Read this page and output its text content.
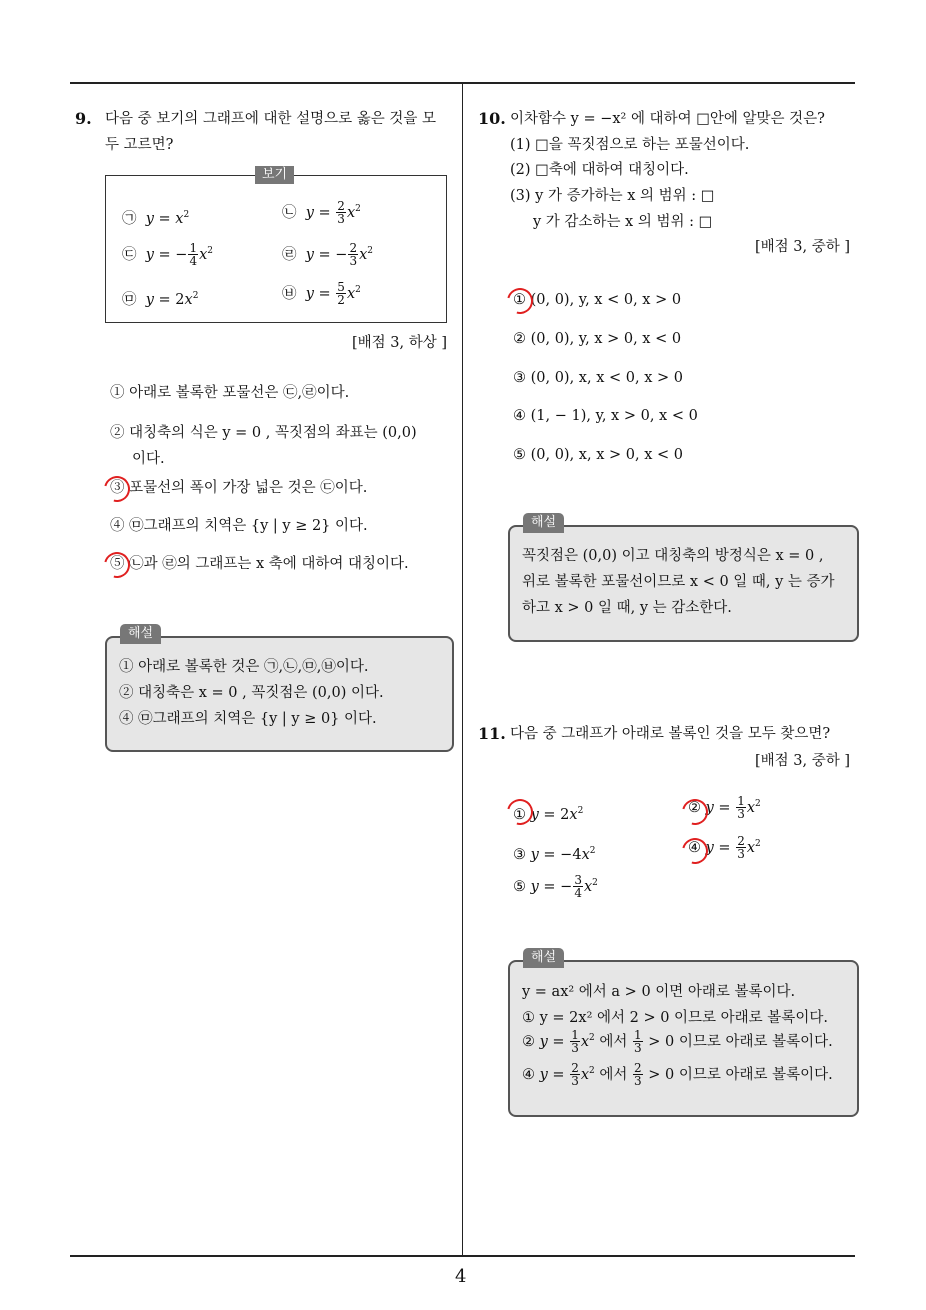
4
9. 다음 중 보기의 그래프에 대한 설명으로 옳은 것을 모
두 고르면?
보기
㉠ $y = x^2$	㉡ $y = \frac{2}{3} x^2$
㉢ y = − $\frac{1}{4} x^2$	㉣ y = − $\frac{2}{3} x^2$
㉤ $y = 2x^2$	㉥ $y = \frac{5}{2} x^2$
[배점 3, 하상 ]
① 아래로 볼록한 포물선은 ㉢,㉣이다.
② 대칭축의 식은 y = 0 , 꼭짓점의 좌표는 (0,0)
이다.
③ 포물선의 폭이 가장 넓은 것은 ㉢이다.
④ ㉤그래프의 치역은 {y | y ≥ 2} 이다.
⑤ ㉡과 ㉣의 그래프는 x 축에 대하여 대칭이다.
해설
① 아래로 볼록한 것은 ㉠,㉡,㉤,㉥이다.
② 대칭축은 x = 0 , 꼭짓점은 (0,0) 이다.
④ ㉤그래프의 치역은 {y | y ≥ 0} 이다.
10. 이차함수 y = −x² 에 대하여 □안에 알맞은 것은?
(1) □을 꼭짓점으로 하는 포물선이다.
(2) □축에 대하여 대칭이다.
(3) y 가 증가하는 x 의 범위 : □
y 가 감소하는 x 의 범위 : □
[배점 3, 중하 ]
① (0, 0), y, x < 0, x > 0
② (0, 0), y, x > 0, x < 0
③ (0, 0), x, x < 0, x > 0
④ (1, − 1), y, x > 0, x < 0
⑤ (0, 0), x, x > 0, x < 0
해설
꼭짓점은 (0,0) 이고 대칭축의 방정식은 x = 0 ,
위로 볼록한 포물선이므로 x < 0 일 때, y 는 증가
하고 x > 0 일 때, y 는 감소한다.
11. 다음 중 그래프가 아래로 볼록인 것을 모두 찾으면?
[배점 3, 중하 ]
① $y = 2x^2$	② $y = \frac{1}{3} x^2$
③ $y = -4x^2$	④ $y = \frac{2}{3} x^2$
⑤ y = − $\frac{3}{4} x^2$
해설
y = ax² 에서 a > 0 이면 아래로 볼록이다.
① y = 2x² 에서 2 > 0 이므로 아래로 볼록이다.
② $y = \frac{1}{3} x^2$ 에서 $\frac{1}{3} > 0$ 이므로 아래로 볼록이다.
④ $y = \frac{2}{3} x^2$ 에서 $\frac{2}{3} > 0$ 이므로 아래로 볼록이다.
